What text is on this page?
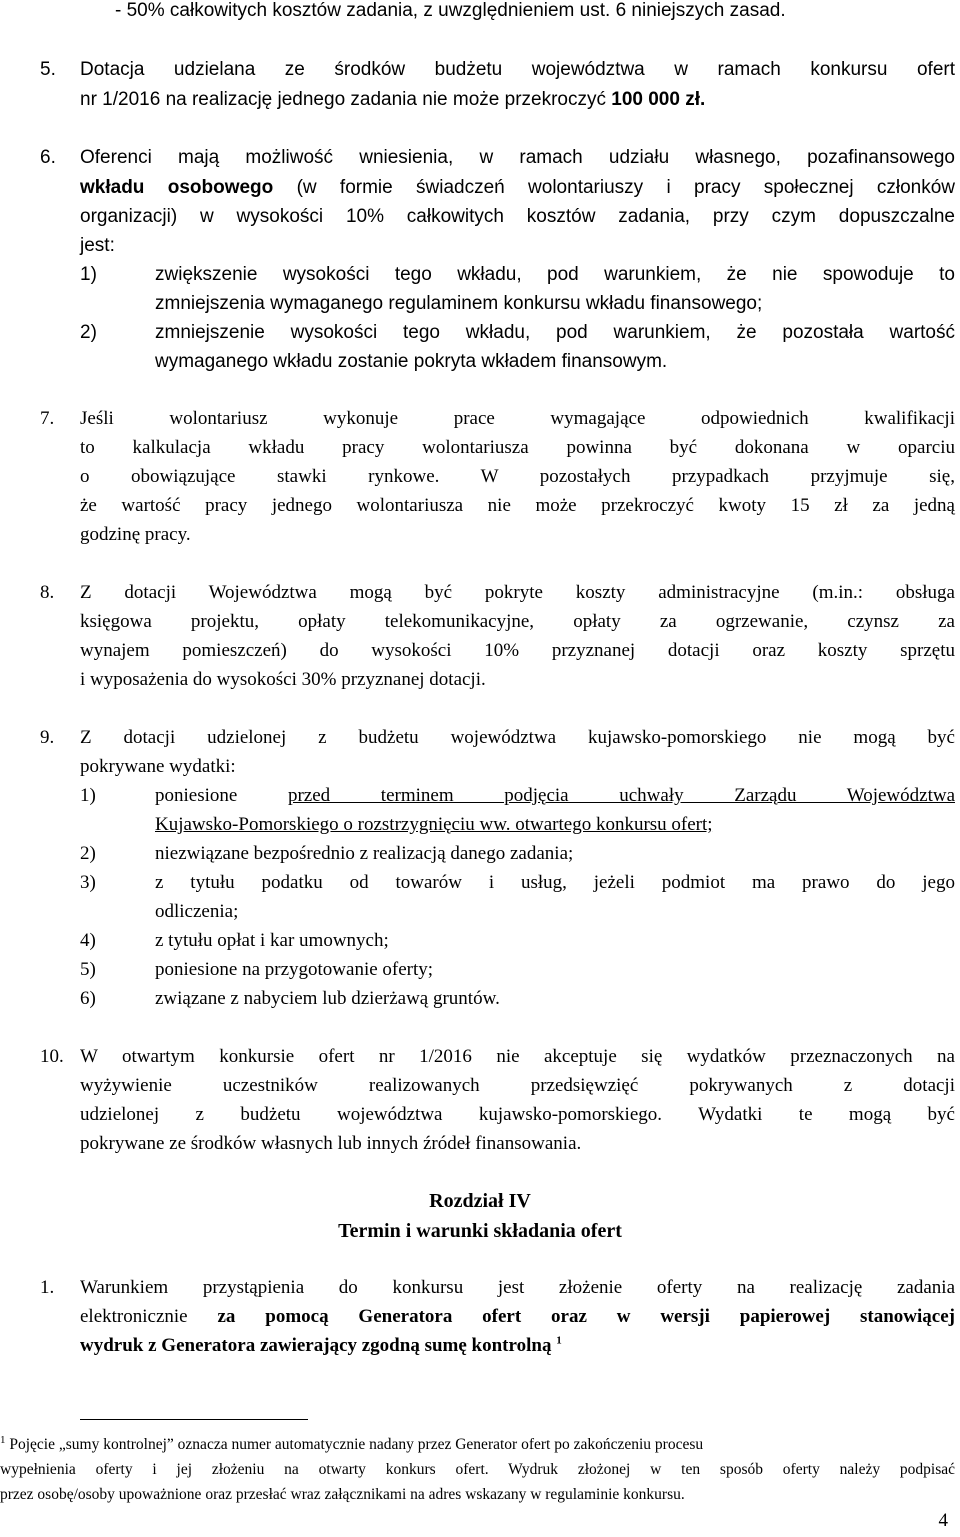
- 50% całkowitych kosztów zadania, z uwzględnieniem ust. 6 niniejszych zasad.
5. Dotacja udzielana ze środków budżetu województwa w ramach konkursu ofert
nr 1/2016 na realizację jednego zadania nie może przekroczyć 100 000 zł.
6. Oferenci mają możliwość wniesienia, w ramach udziału własnego, pozafinansowego
wkładu osobowego (w formie świadczeń wolontariuszy i pracy społecznej członków
organizacji) w wysokości 10% całkowitych kosztów zadania, przy czym dopuszczalne
jest:
1)	zwiększenie wysokości tego wkładu, pod warunkiem, że nie spowoduje to
zmniejszenia wymaganego regulaminem konkursu wkładu finansowego;
2)	zmniejszenie wysokości tego wkładu, pod warunkiem, że pozostała wartość
wymaganego wkładu zostanie pokryta wkładem finansowym.
7. Jeśli wolontariusz wykonuje prace wymagające odpowiednich kwalifikacji
to kalkulacja wkładu pracy wolontariusza powinna być dokonana w oparciu
o obowiązujące stawki rynkowe. W pozostałych przypadkach przyjmuje się,
że wartość pracy jednego wolontariusza nie może przekroczyć kwoty 15 zł za jedną
godzinę pracy.
8. Z dotacji Województwa mogą być pokryte koszty administracyjne (m.in.: obsługa
księgowa projektu, opłaty telekomunikacyjne, opłaty za ogrzewanie, czynsz za
wynajem pomieszczeń) do wysokości 10% przyznanej dotacji oraz koszty sprzętu
i wyposażenia do wysokości 30% przyznanej dotacji.
9. Z dotacji udzielonej z budżetu województwa kujawsko-pomorskiego nie mogą być
pokrywane wydatki:
1)	poniesione przed terminem podjęcia uchwały Zarządu Województwa
Kujawsko-Pomorskiego o rozstrzygnięciu ww. otwartego konkursu ofert;
2)	niezwiązane bezpośrednio z realizacją danego zadania;
3)	z tytułu podatku od towarów i usług, jeżeli podmiot ma prawo do jego
odliczenia;
4)	z tytułu opłat i kar umownych;
5)	poniesione na przygotowanie oferty;
6)	związane z nabyciem lub dzierżawą gruntów.
10. W otwartym konkursie ofert nr 1/2016 nie akceptuje się wydatków przeznaczonych na
wyżywienie uczestników realizowanych przedsięwzięć pokrywanych z dotacji
udzielonej z budżetu województwa kujawsko-pomorskiego. Wydatki te mogą być
pokrywane ze środków własnych lub innych źródeł finansowania.
Rozdział IV
Termin i warunki składania ofert
1. Warunkiem przystąpienia do konkursu jest złożenie oferty na realizację zadania
elektronicznie za pomocą Generatora ofert oraz w wersji papierowej stanowiącej
wydruk z Generatora zawierający zgodną sumę kontrolną $^1$
$^1$ Pojęcie „sumy kontrolnej” oznacza numer automatycznie nadany przez Generator ofert po zakończeniu procesu
wypełnienia oferty i jej złożeniu na otwarty konkurs ofert. Wydruk złożonej w ten sposób oferty należy podpisać
przez osobę/osoby upoważnione oraz przesłać wraz załącznikami na adres wskazany w regulaminie konkursu.
4
